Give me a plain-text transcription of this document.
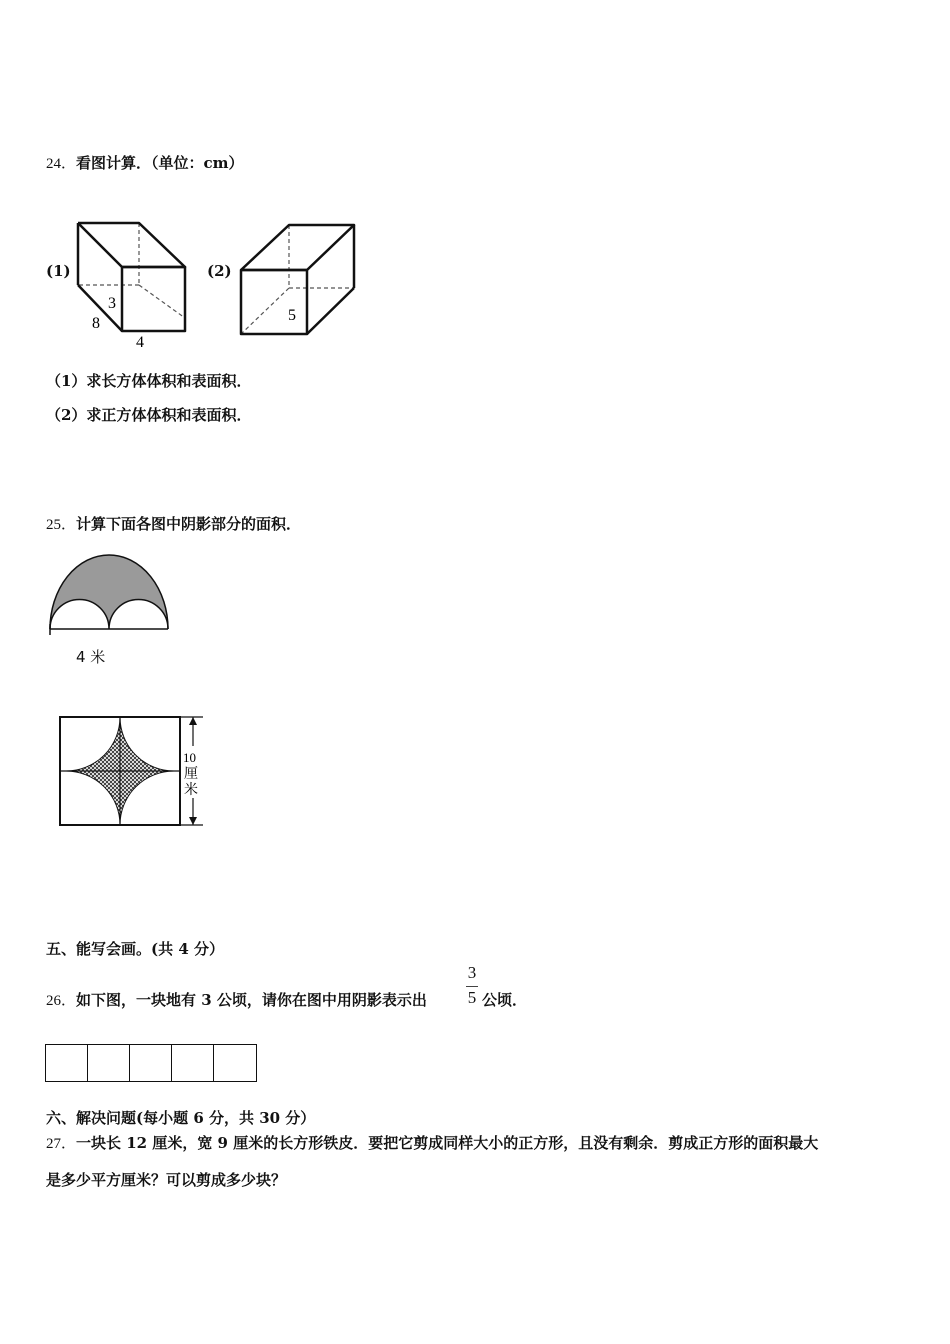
24．看图计算．（单位：cm）
(1)
3
8
4
(2)
5
（1）求长方体体积和表面积．
（2）求正方体体积和表面积．
25．计算下面各图中阴影部分的面积．
4 米
10
厘
米
五、能写会画。(共 4 分）
26．如下图，一块地有 3 公顷，请你在图中用阴影表示出
3
5 公顷．
六、解决问题(每小题 6 分，共 30 分）
27．一块长 12 厘米，宽 9 厘米的长方形铁皮．要把它剪成同样大小的正方形，且没有剩余．剪成正方形的面积最大
是多少平方厘米？可以剪成多少块？
